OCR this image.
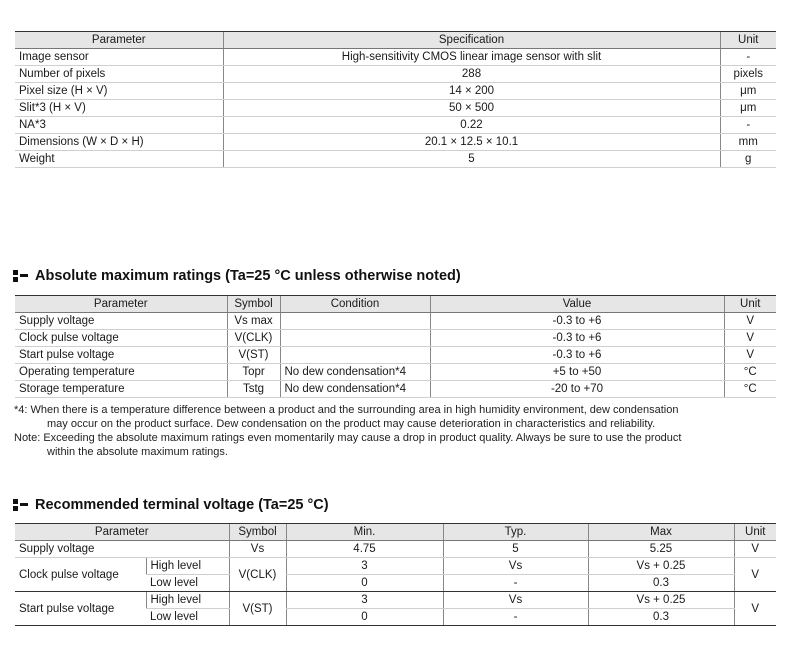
Parameter	Specification	Unit
Image sensor	High-sensitivity CMOS linear image sensor with slit	-
Number of pixels	288	pixels
Pixel size (H × V)	14 × 200	μm
Slit*3 (H × V)	50 × 500	μm
NA*3	0.22	-
Dimensions (W × D × H)	20.1 × 12.5 × 10.1	mm
Weight	5	g
Absolute maximum ratings (Ta=25 °C unless otherwise noted)
Parameter	Symbol	Condition	Value	Unit
Supply voltage	Vs max		-0.3 to +6	V
Clock pulse voltage	V(CLK)		-0.3 to +6	V
Start pulse voltage	V(ST)		-0.3 to +6	V
Operating temperature	Topr	No dew condensation*4	+5 to +50	°C
Storage temperature	Tstg	No dew condensation*4	-20 to +70	°C
*4: When there is a temperature difference between a product and the surrounding area in high humidity environment, dew condensation
may occur on the product surface. Dew condensation on the product may cause deterioration in characteristics and reliability.
Note: Exceeding the absolute maximum ratings even momentarily may cause a drop in product quality. Always be sure to use the product
within the absolute maximum ratings.
Recommended terminal voltage (Ta=25 °C)
Parameter		Symbol	Min.	Typ.	Max	Unit
Supply voltage		Vs	4.75	5	5.25	V
Clock pulse voltage	High level	V(CLK)	3	Vs	Vs + 0.25	V
	Low level		0	-	0.3	
Start pulse voltage	High level	V(ST)	3	Vs	Vs + 0.25	V
	Low level		0	-	0.3	
